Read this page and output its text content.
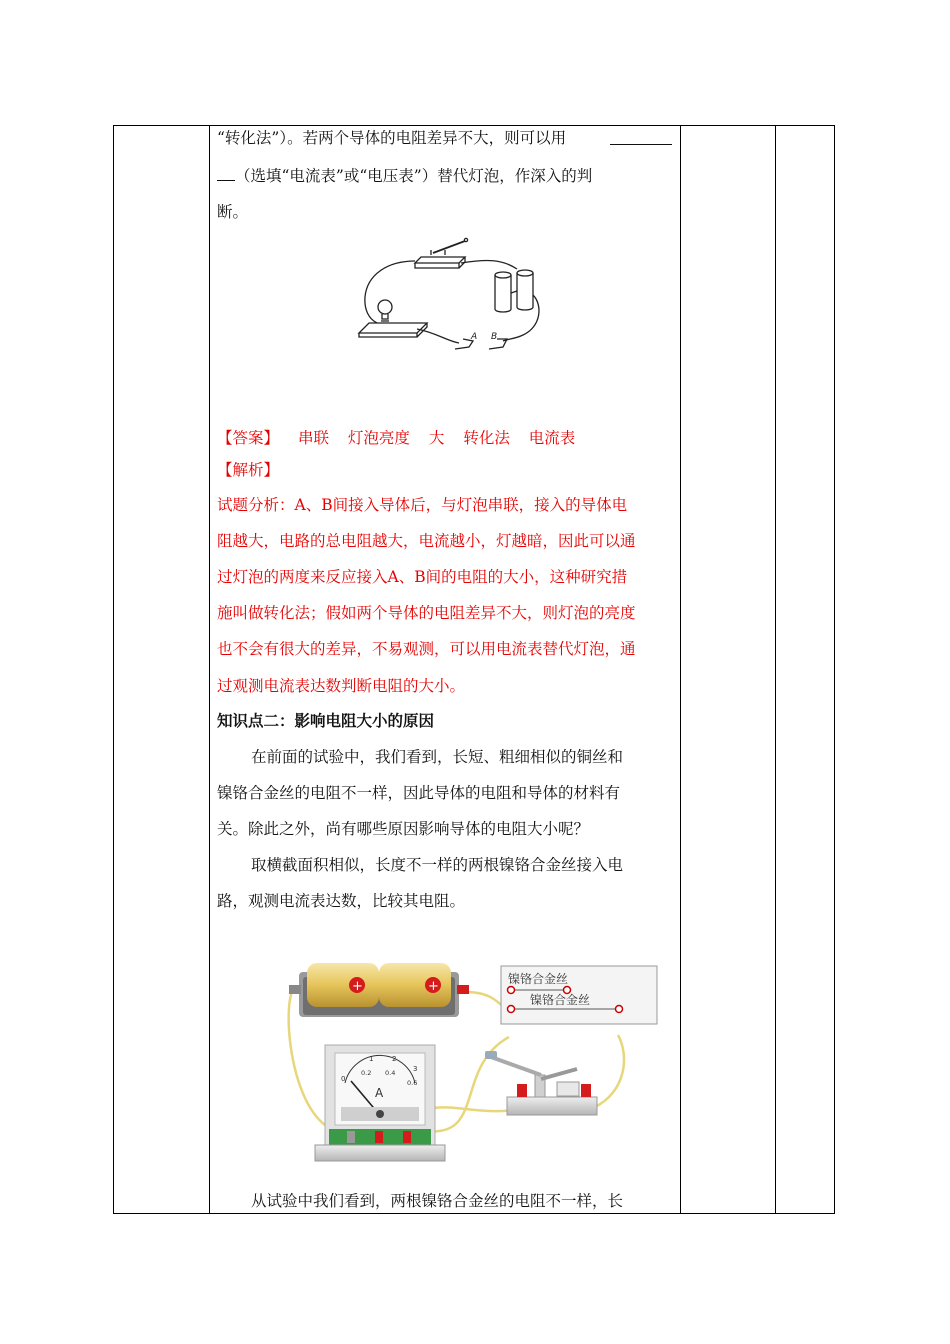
“转化法”）。若两个导体的电阻差异不大，则可以用
（选填“电流表”或“电压表”）替代灯泡，作深入的判
断。
A B
【答案】 串联 灯泡亮度 大 转化法 电流表
【解析】
试题分析：A、B间接入导体后，与灯泡串联，接入的导体电
阻越大，电路的总电阻越大，电流越小，灯越暗，因此可以通
过灯泡的两度来反应接入A、B间的电阻的大小，这种研究措
施叫做转化法；假如两个导体的电阻差异不大，则灯泡的亮度
也不会有很大的差异，不易观测，可以用电流表替代灯泡，通
过观测电流表达数判断电阻的大小。
知识点二：影响电阻大小的原因
在前面的试验中，我们看到，长短、粗细相似的铜丝和
镍铬合金丝的电阻不一样，因此导体的电阻和导体的材料有
关。除此之外，尚有哪些原因影响导体的电阻大小呢？
取横截面积相似，长度不一样的两根镍铬合金丝接入电
路，观测电流表达数，比较其电阻。
+	+	镍铬合金丝
镍铬合金丝
1	2
3
0
0.2 0.4
0.6
A
从试验中我们看到，两根镍铬合金丝的电阻不一样，长
